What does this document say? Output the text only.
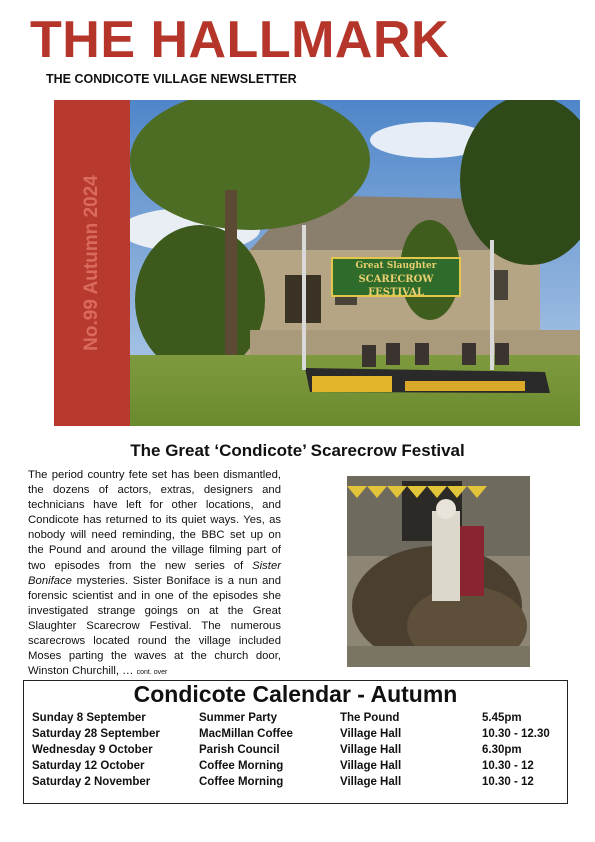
THE HALLMARK
THE CONDICOTE VILLAGE NEWSLETTER
No.99 Autumn 2024	Great Slaughter
SCARECROW FESTIVAL
The Great ‘Condicote’ Scarecrow Festival
The period country fete set has been dismantled, the dozens of actors, extras, designers and technicians have left for other locations, and Condicote has returned to its quiet ways. Yes, as nobody will need reminding, the BBC set up on the Pound and around the village filming part of two episodes from the new series of Sister Boniface mysteries. Sister Boniface is a nun and forensic scientist and in one of the episodes she investigated strange goings on at the Great Slaughter Scarecrow Festival. The numerous scarecrows located round the village included Moses parting the waves at the church door, Winston Churchill, … cont. over
Condicote Calendar - Autumn
Sunday 8 September	Summer Party	The Pound	5.45pm
Saturday 28 September	MacMillan Coffee	Village Hall	10.30 - 12.30
Wednesday 9 October	Parish Council	Village Hall	6.30pm
Saturday 12 October	Coffee Morning	Village Hall	10.30 - 12
Saturday 2 November	Coffee Morning	Village Hall	10.30 - 12
